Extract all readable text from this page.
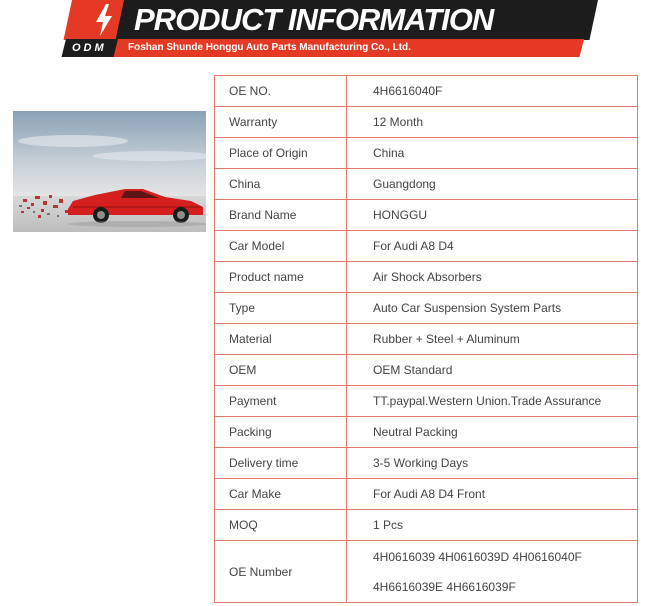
PRODUCT INFORMATION
ODM	Foshan Shunde Honggu Auto Parts Manufacturing Co., Ltd.
OE NO.	4H6616040F
Warranty	12 Month
Place of Origin	China
China	Guangdong
Brand Name	HONGGU
Car Model	For Audi A8 D4
Product name	Air Shock Absorbers
Type	Auto Car Suspension System Parts
Material	Rubber + Steel + Aluminum
OEM	OEM Standard
Payment	TT.paypal.Western Union.Trade Assurance
Packing	Neutral Packing
Delivery time	3-5 Working Days
Car Make	For Audi A8 D4 Front
MOQ	1 Pcs
OE Number	4H0616039 4H0616039D 4H0616040F
4H6616039E 4H6616039F
